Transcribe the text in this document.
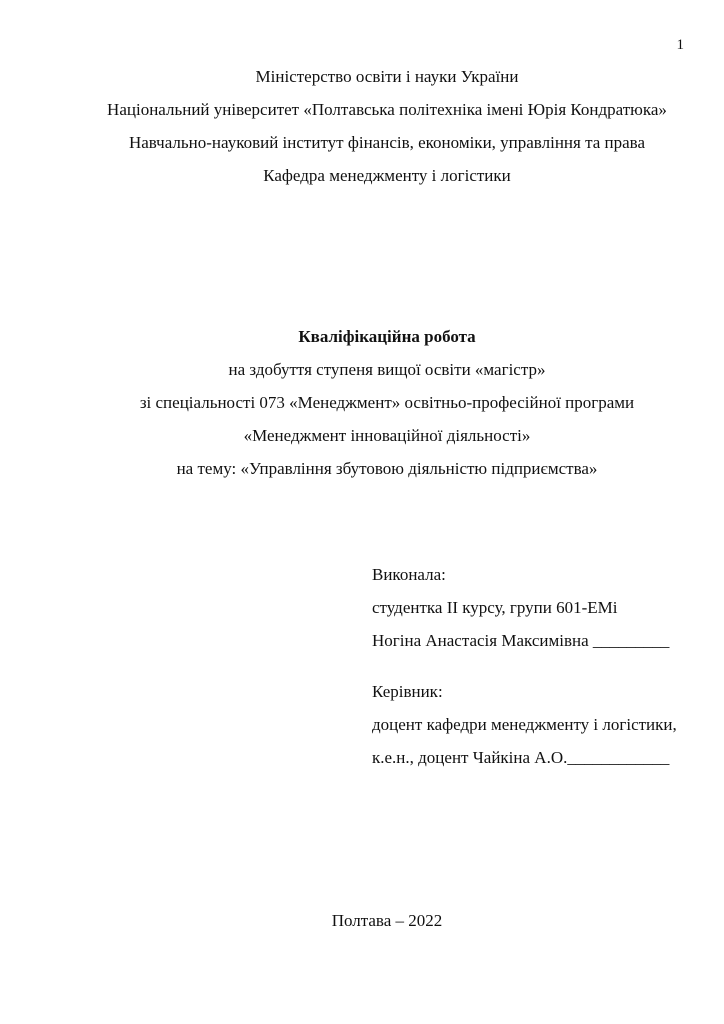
1

Міністерство освіти і науки України

Національний університет «Полтавська політехніка імені Юрія Кондратюка»

Навчально-науковий інститут фінансів, економіки, управління та права

Кафедра менеджменту і логістики

Кваліфікаційна робота

на здобуття ступеня вищої освіти «магістр»

зі спеціальності 073 «Менеджмент» освітньо-професійної програми

«Менеджмент інноваційної діяльності»

на тему: «Управління збутовою діяльністю підприємства»

Виконала:

студентка ІІ курсу, групи 601-ЕМі

Ногіна Анастасія Максимівна _________

Керівник:

доцент кафедри менеджменту і логістики,

к.е.н., доцент Чайкіна А.О.____________

Полтава – 2022
